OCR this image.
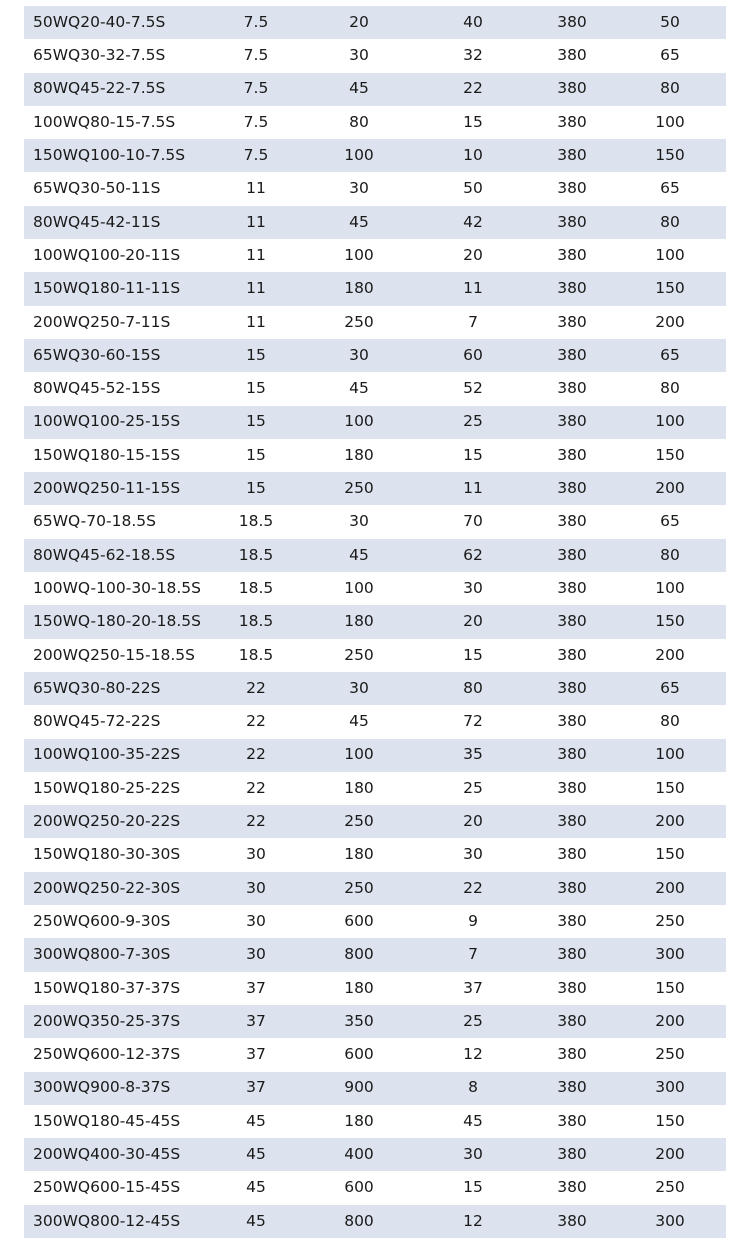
50WQ20-40-7.5S	7.5	20	40	380	50
65WQ30-32-7.5S	7.5	30	32	380	65
80WQ45-22-7.5S	7.5	45	22	380	80
100WQ80-15-7.5S	7.5	80	15	380	100
150WQ100-10-7.5S	7.5	100	10	380	150
65WQ30-50-11S	11	30	50	380	65
80WQ45-42-11S	11	45	42	380	80
100WQ100-20-11S	11	100	20	380	100
150WQ180-11-11S	11	180	11	380	150
200WQ250-7-11S	11	250	7	380	200
65WQ30-60-15S	15	30	60	380	65
80WQ45-52-15S	15	45	52	380	80
100WQ100-25-15S	15	100	25	380	100
150WQ180-15-15S	15	180	15	380	150
200WQ250-11-15S	15	250	11	380	200
65WQ-70-18.5S	18.5	30	70	380	65
80WQ45-62-18.5S	18.5	45	62	380	80
100WQ-100-30-18.5S	18.5	100	30	380	100
150WQ-180-20-18.5S	18.5	180	20	380	150
200WQ250-15-18.5S	18.5	250	15	380	200
65WQ30-80-22S	22	30	80	380	65
80WQ45-72-22S	22	45	72	380	80
100WQ100-35-22S	22	100	35	380	100
150WQ180-25-22S	22	180	25	380	150
200WQ250-20-22S	22	250	20	380	200
150WQ180-30-30S	30	180	30	380	150
200WQ250-22-30S	30	250	22	380	200
250WQ600-9-30S	30	600	9	380	250
300WQ800-7-30S	30	800	7	380	300
150WQ180-37-37S	37	180	37	380	150
200WQ350-25-37S	37	350	25	380	200
250WQ600-12-37S	37	600	12	380	250
300WQ900-8-37S	37	900	8	380	300
150WQ180-45-45S	45	180	45	380	150
200WQ400-30-45S	45	400	30	380	200
250WQ600-15-45S	45	600	15	380	250
300WQ800-12-45S	45	800	12	380	300
